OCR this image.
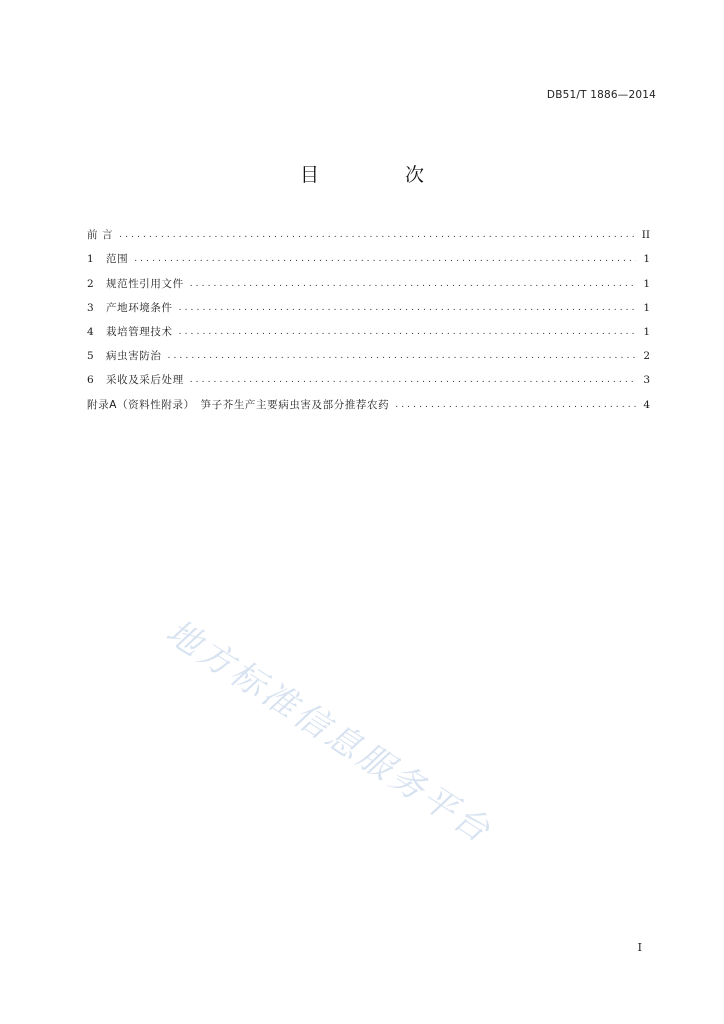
DB51/T 1886—2014
目 次
前 言 .....	II
1 范围 .....	1
2 规范性引用文件 .....	1
3 产地环境条件 .....	1
4 栽培管理技术 .....	1
5 病虫害防治 .....	2
6 采收及采后处理 .....	3
附录A（资料性附录）　笋子芥生产主要病虫害及部分推荐农药 .....	4
地方标准信息服务平台
I
